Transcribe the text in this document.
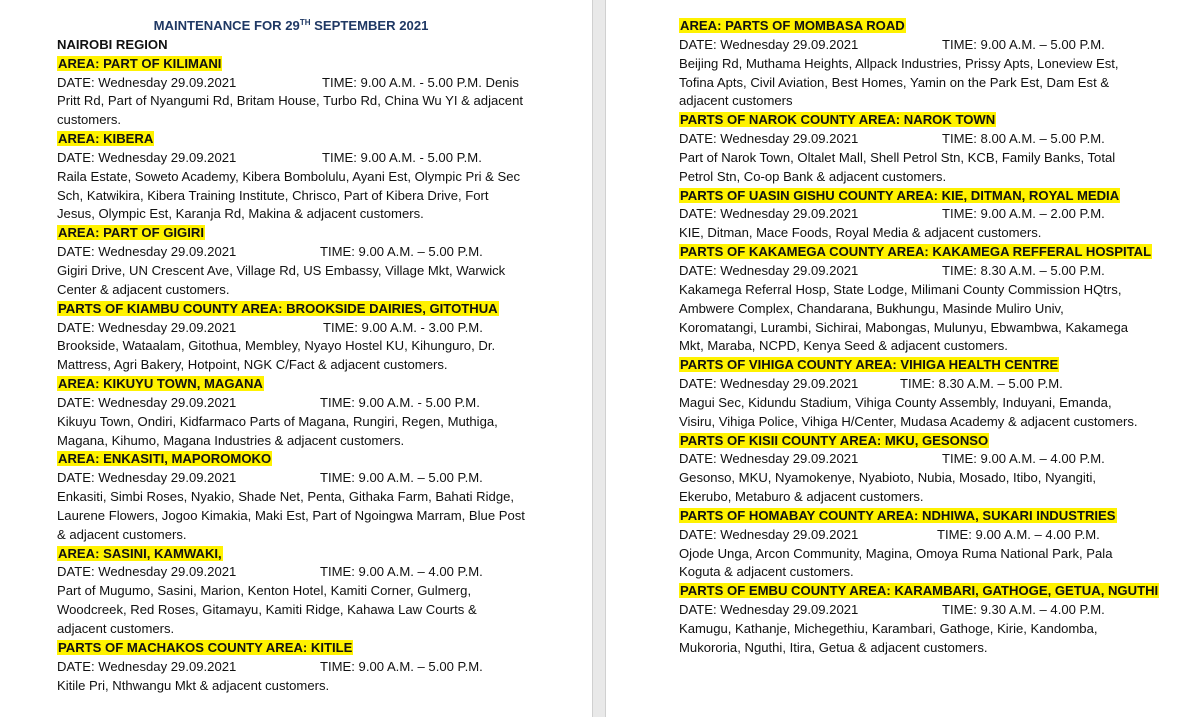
MAINTENANCE FOR 29TH SEPTEMBER 2021
NAIROBI REGION
AREA: PART OF KILIMANI
DATE: Wednesday 29.09.2021	TIME: 9.00 A.M. - 5.00 P.M. Denis
Pritt Rd, Part of Nyangumi Rd, Britam House, Turbo Rd, China Wu YI & adjacent
customers.
AREA: KIBERA
DATE: Wednesday 29.09.2021	TIME: 9.00 A.M. - 5.00 P.M.
Raila Estate, Soweto Academy, Kibera Bombolulu, Ayani Est, Olympic Pri & Sec
Sch, Katwikira, Kibera Training Institute, Chrisco, Part of Kibera Drive, Fort
Jesus, Olympic Est, Karanja Rd, Makina & adjacent customers.
AREA: PART OF GIGIRI
DATE: Wednesday 29.09.2021	TIME: 9.00 A.M. – 5.00 P.M.
Gigiri Drive, UN Crescent Ave, Village Rd, US Embassy, Village Mkt, Warwick
Center & adjacent customers.
PARTS OF KIAMBU COUNTY AREA: BROOKSIDE DAIRIES, GITOTHUA
DATE: Wednesday 29.09.2021	TIME: 9.00 A.M. - 3.00 P.M.
Brookside, Wataalam, Gitothua, Membley, Nyayo Hostel KU, Kihunguro, Dr.
Mattress, Agri Bakery, Hotpoint, NGK C/Fact & adjacent customers.
AREA: KIKUYU TOWN, MAGANA
DATE: Wednesday 29.09.2021	TIME: 9.00 A.M. - 5.00 P.M.
Kikuyu Town, Ondiri, Kidfarmaco Parts of Magana, Rungiri, Regen, Muthiga,
Magana, Kihumo, Magana Industries & adjacent customers.
AREA: ENKASITI, MAPOROMOKO
DATE: Wednesday 29.09.2021	TIME: 9.00 A.M. – 5.00 P.M.
Enkasiti, Simbi Roses, Nyakio, Shade Net, Penta, Githaka Farm, Bahati Ridge,
Laurene Flowers, Jogoo Kimakia, Maki Est, Part of Ngoingwa Marram, Blue Post
& adjacent customers.
AREA: SASINI, KAMWAKI,
DATE: Wednesday 29.09.2021	TIME: 9.00 A.M. – 4.00 P.M.
Part of Mugumo, Sasini, Marion, Kenton Hotel, Kamiti Corner, Gulmerg,
Woodcreek, Red Roses, Gitamayu, Kamiti Ridge, Kahawa Law Courts &
adjacent customers.
PARTS OF MACHAKOS COUNTY AREA: KITILE
DATE: Wednesday 29.09.2021	TIME: 9.00 A.M. – 5.00 P.M.
Kitile Pri, Nthwangu Mkt & adjacent customers.
AREA: PARTS OF MOMBASA ROAD
DATE: Wednesday 29.09.2021	TIME: 9.00 A.M. – 5.00 P.M.
Beijing Rd, Muthama Heights, Allpack Industries, Prissy Apts, Loneview Est,
Tofina Apts, Civil Aviation, Best Homes, Yamin on the Park Est, Dam Est &
adjacent customers
PARTS OF NAROK COUNTY AREA: NAROK TOWN
DATE: Wednesday 29.09.2021	TIME: 8.00 A.M. – 5.00 P.M.
Part of Narok Town, Oltalet Mall, Shell Petrol Stn, KCB, Family Banks, Total
Petrol Stn, Co-op Bank & adjacent customers.
PARTS OF UASIN GISHU COUNTY AREA: KIE, DITMAN, ROYAL MEDIA
DATE: Wednesday 29.09.2021	TIME: 9.00 A.M. – 2.00 P.M.
KIE, Ditman, Mace Foods, Royal Media & adjacent customers.
PARTS OF KAKAMEGA COUNTY AREA: KAKAMEGA REFFERAL HOSPITAL
DATE: Wednesday 29.09.2021	TIME: 8.30 A.M. – 5.00 P.M.
Kakamega Referral Hosp, State Lodge, Milimani County Commission HQtrs,
Ambwere Complex, Chandarana, Bukhungu, Masinde Muliro Univ,
Koromatangi, Lurambi, Sichirai, Mabongas, Mulunyu, Ebwambwa, Kakamega
Mkt, Maraba, NCPD, Kenya Seed & adjacent customers.
PARTS OF VIHIGA COUNTY AREA: VIHIGA HEALTH CENTRE
DATE: Wednesday 29.09.2021	TIME: 8.30 A.M. – 5.00 P.M.
Magui Sec, Kidundu Stadium, Vihiga County Assembly, Induyani, Emanda,
Visiru, Vihiga Police, Vihiga H/Center, Mudasa Academy & adjacent customers.
PARTS OF KISII COUNTY AREA: MKU, GESONSO
DATE: Wednesday 29.09.2021	TIME: 9.00 A.M. – 4.00 P.M.
Gesonso, MKU, Nyamokenye, Nyabioto, Nubia, Mosado, Itibo, Nyangiti,
Ekerubo, Metaburo & adjacent customers.
PARTS OF HOMABAY COUNTY AREA: NDHIWA, SUKARI INDUSTRIES
DATE: Wednesday 29.09.2021	TIME: 9.00 A.M. – 4.00 P.M.
Ojode Unga, Arcon Community, Magina, Omoya Ruma National Park, Pala
Koguta & adjacent customers.
PARTS OF EMBU COUNTY AREA: KARAMBARI, GATHOGE, GETUA, NGUTHI
DATE: Wednesday 29.09.2021	TIME: 9.30 A.M. – 4.00 P.M.
Kamugu, Kathanje, Michegethiu, Karambari, Gathoge, Kirie, Kandomba,
Mukororia, Nguthi, Itira, Getua & adjacent customers.
